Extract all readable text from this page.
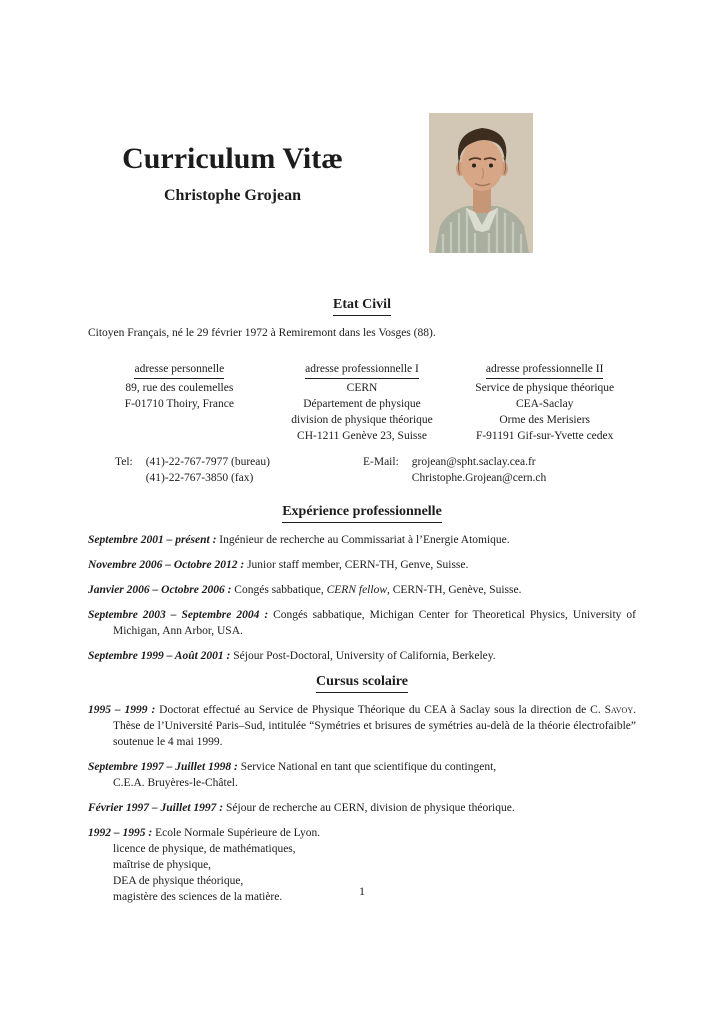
Curriculum Vitæ
Christophe Grojean
Etat Civil

Citoyen Français, né le 29 février 1972 à Remiremont dans les Vosges (88).

adresse personnelle
89, rue des coulemelles
F-01710 Thoiry, France
adresse professionnelle I
CERN
Département de physique
division de physique théorique
CH-1211 Genève 23, Suisse
adresse professionnelle II
Service de physique théorique
CEA-Saclay
Orme des Merisiers
F-91191 Gif-sur-Yvette cedex
Tel: (41)-22-767-7977 (bureau)
(41)-22-767-3850 (fax)
E-Mail: grojean@spht.saclay.cea.fr
Christophe.Grojean@cern.ch
Expérience professionnelle

Septembre 2001 – présent : Ingénieur de recherche au Commissariat à l’Energie Atomique.

Novembre 2006 – Octobre 2012 : Junior staff member, CERN-TH, Genve, Suisse.

Janvier 2006 – Octobre 2006 : Congés sabbatique, CERN fellow, CERN-TH, Genève, Suisse.

Septembre 2003 – Septembre 2004 : Congés sabbatique, Michigan Center for Theoretical Physics, University of Michigan, Ann Arbor, USA.

Septembre 1999 – Août 2001 : Séjour Post-Doctoral, University of California, Berkeley.

Cursus scolaire

1995 – 1999 : Doctorat effectué au Service de Physique Théorique du CEA à Saclay sous la direction de C. Savoy. Thèse de l’Université Paris–Sud, intitulée “Symétries et brisures de symétries au-delà de la théorie électrofaible” soutenue le 4 mai 1999.

Septembre 1997 – Juillet 1998 : Service National en tant que scientifique du contingent,
C.E.A. Bruyères-le-Châtel.

Février 1997 – Juillet 1997 : Séjour de recherche au CERN, division de physique théorique.

1992 – 1995 : Ecole Normale Supérieure de Lyon.
licence de physique, de mathématiques,
maîtrise de physique,
DEA de physique théorique,
magistère des sciences de la matière.	1
